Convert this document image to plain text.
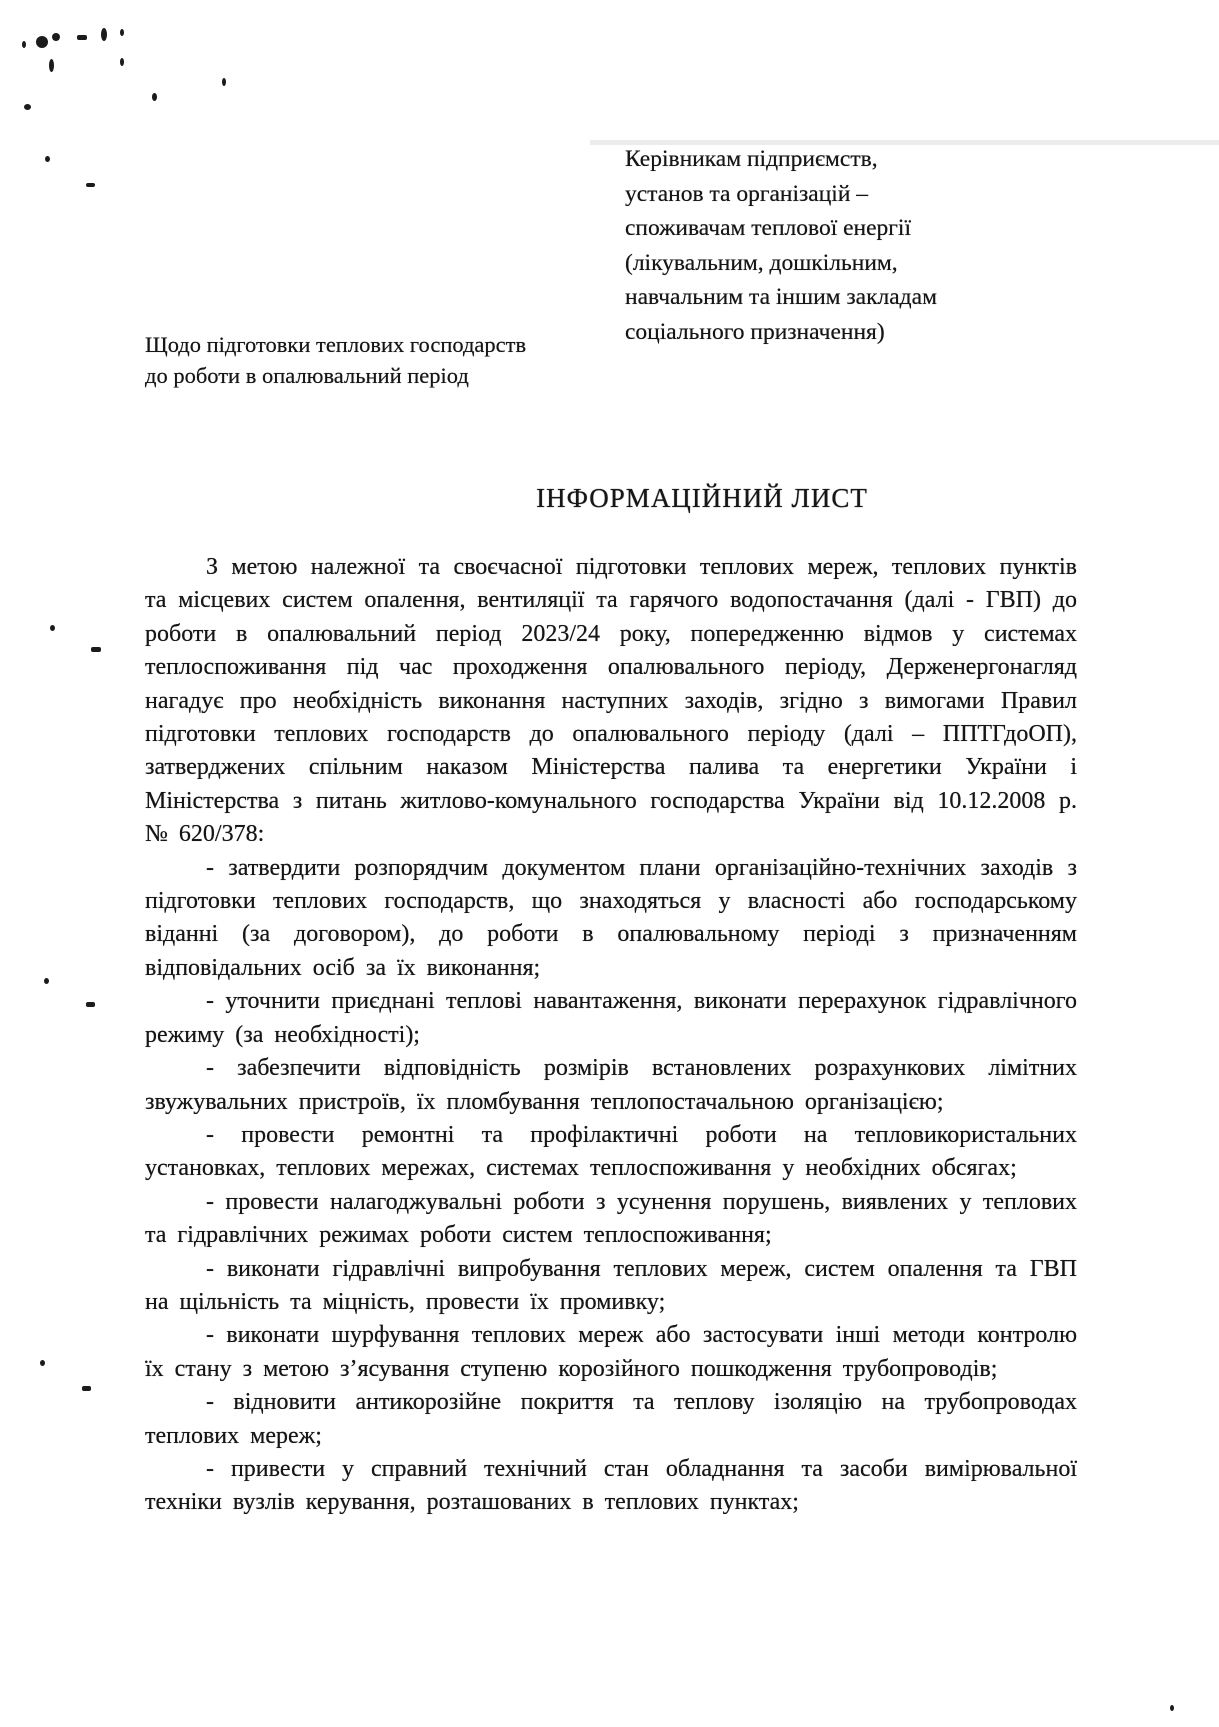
Керівникам підприємств,
установ та організацій –
споживачам теплової енергії
(лікувальним, дошкільним,
навчальним та іншим закладам
соціального призначення)
Щодо підготовки теплових господарств
до роботи в опалювальний період
ІНФОРМАЦІЙНИЙ ЛИСТ

З метою належної та своєчасної підготовки теплових мереж, теплових пунктів та місцевих систем опалення, вентиляції та гарячого водопостачання (далі - ГВП) до роботи в опалювальний період 2023/24 року, попередженню відмов у системах теплоспоживання під час проходження опалювального періоду, Держенергонагляд нагадує про необхідність виконання наступних заходів, згідно з вимогами Правил підготовки теплових господарств до опалювального періоду (далі – ППТГдоОП), затверджених спільним наказом Міністерства палива та енергетики України і Міністерства з питань житлово-комунального господарства України від 10.12.2008 р. № 620/378:

- затвердити розпорядчим документом плани організаційно-технічних заходів з підготовки теплових господарств, що знаходяться у власності або господарському віданні (за договором), до роботи в опалювальному періоді з призначенням відповідальних осіб за їх виконання;

- уточнити приєднані теплові навантаження, виконати перерахунок гідравлічного режиму (за необхідності);

- забезпечити відповідність розмірів встановлених розрахункових лімітних звужувальних пристроїв, їх пломбування теплопостачальною організацією;

- провести ремонтні та профілактичні роботи на тепловикористальних установках, теплових мережах, системах теплоспоживання у необхідних обсягах;

- провести налагоджувальні роботи з усунення порушень, виявлених у теплових та гідравлічних режимах роботи систем теплоспоживання;

- виконати гідравлічні випробування теплових мереж, систем опалення та ГВП на щільність та міцність, провести їх промивку;

- виконати шурфування теплових мереж або застосувати інші методи контролю їх стану з метою з’ясування ступеню корозійного пошкодження трубопроводів;

- відновити антикорозійне покриття та теплову ізоляцію на трубопроводах теплових мереж;

- привести у справний технічний стан обладнання та засоби вимірювальної техніки вузлів керування, розташованих в теплових пунктах;
